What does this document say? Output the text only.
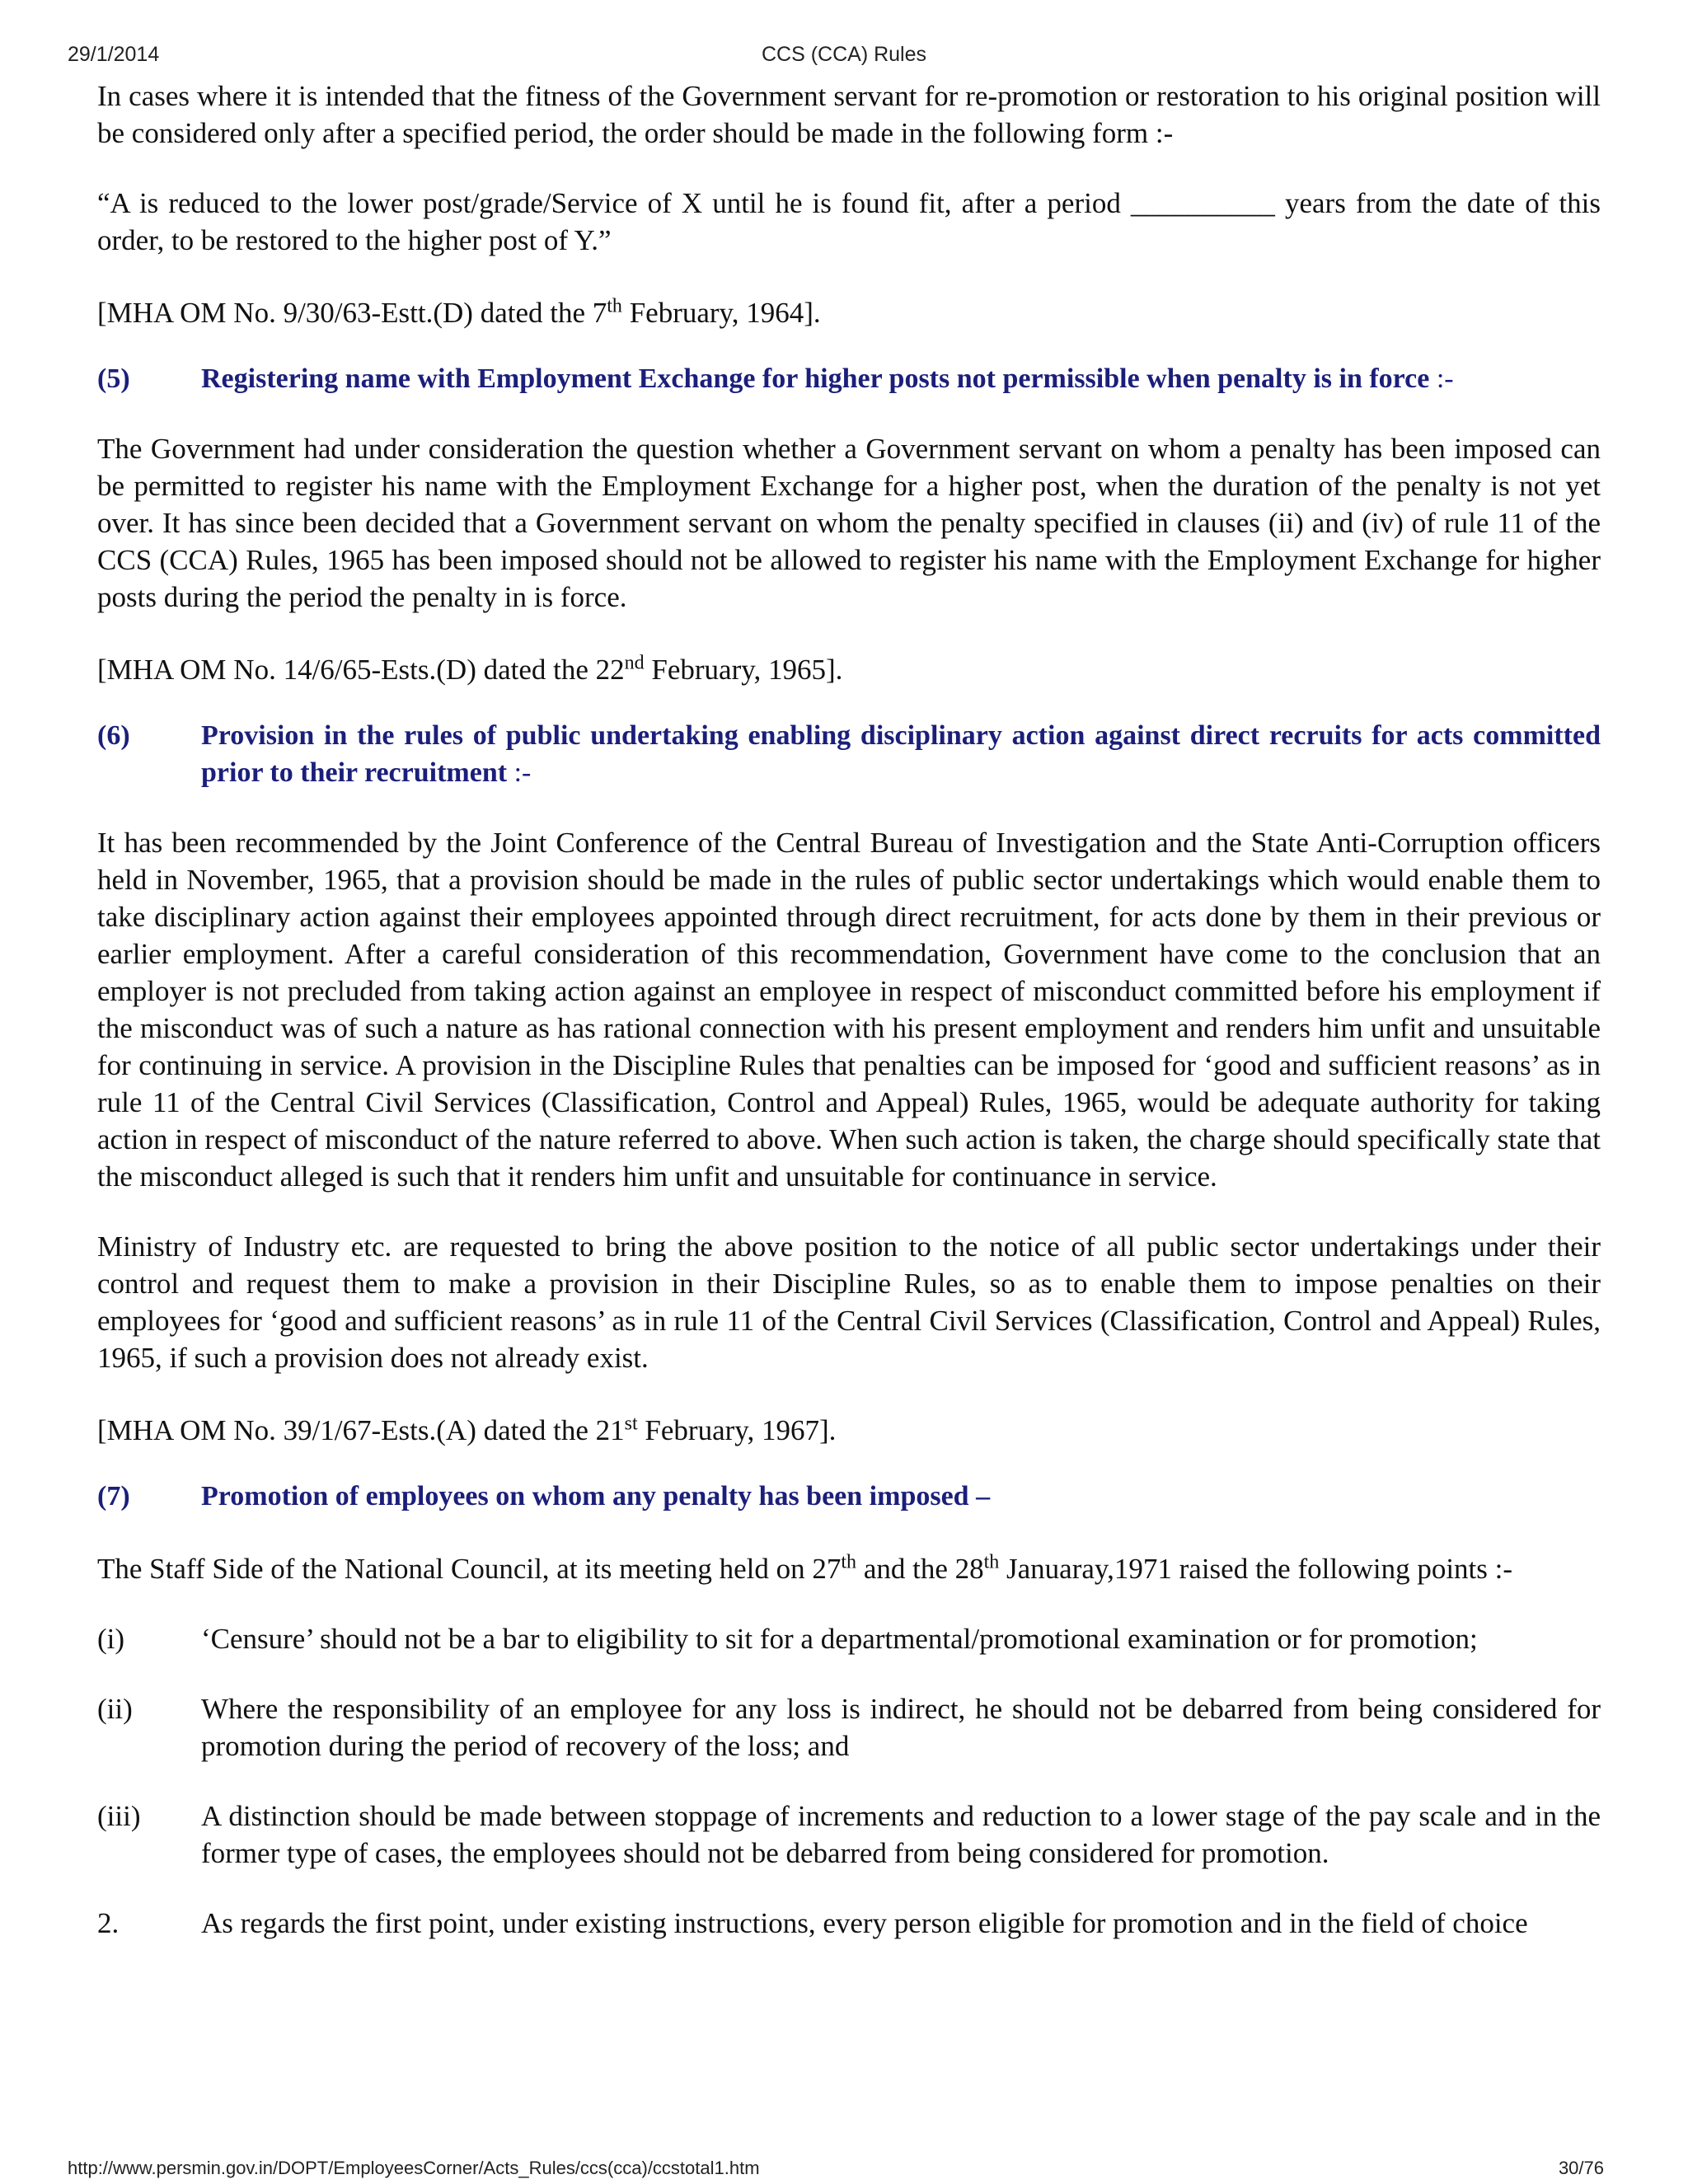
29/1/2014	CCS (CCA) Rules

In cases where it is intended that the fitness of the Government servant for re-promotion or restoration to his original position will be considered only after a specified period, the order should be made in the following form :-

“A is reduced to the lower post/grade/Service of X until he is found fit, after a period __________ years from the date of this order, to be restored to the higher post of Y.”

[MHA OM No. 9/30/63-Estt.(D) dated the 7th February, 1964].

(5)	Registering name with Employment Exchange for higher posts not permissible when penalty is in force :-

The Government had under consideration the question whether a Government servant on whom a penalty has been imposed can be permitted to register his name with the Employment Exchange for a higher post, when the duration of the penalty is not yet over. It has since been decided that a Government servant on whom the penalty specified in clauses (ii) and (iv) of rule 11 of the CCS (CCA) Rules, 1965 has been imposed should not be allowed to register his name with the Employment Exchange for higher posts during the period the penalty in is force.

[MHA OM No. 14/6/65-Ests.(D) dated the 22nd February, 1965].

(6)	Provision in the rules of public undertaking enabling disciplinary action against direct recruits for acts committed prior to their recruitment :-

It has been recommended by the Joint Conference of the Central Bureau of Investigation and the State Anti-Corruption officers held in November, 1965, that a provision should be made in the rules of public sector undertakings which would enable them to take disciplinary action against their employees appointed through direct recruitment, for acts done by them in their previous or earlier employment. After a careful consideration of this recommendation, Government have come to the conclusion that an employer is not precluded from taking action against an employee in respect of misconduct committed before his employment if the misconduct was of such a nature as has rational connection with his present employment and renders him unfit and unsuitable for continuing in service. A provision in the Discipline Rules that penalties can be imposed for ‘good and sufficient reasons’ as in rule 11 of the Central Civil Services (Classification, Control and Appeal) Rules, 1965, would be adequate authority for taking action in respect of misconduct of the nature referred to above. When such action is taken, the charge should specifically state that the misconduct alleged is such that it renders him unfit and unsuitable for continuance in service.

Ministry of Industry etc. are requested to bring the above position to the notice of all public sector undertakings under their control and request them to make a provision in their Discipline Rules, so as to enable them to impose penalties on their employees for ‘good and sufficient reasons’ as in rule 11 of the Central Civil Services (Classification, Control and Appeal) Rules, 1965, if such a provision does not already exist.

[MHA OM No. 39/1/67-Ests.(A) dated the 21st February, 1967].

(7)	Promotion of employees on whom any penalty has been imposed –

The Staff Side of the National Council, at its meeting held on 27th and the 28th Januaray,1971 raised the following points :-

(i)	‘Censure’ should not be a bar to eligibility to sit for a departmental/promotional examination or for promotion;
(ii) Where the responsibility of an employee for any loss is indirect, he should not be debarred from being considered for promotion during the period of recovery of the loss; and
(iii) A distinction should be made between stoppage of increments and reduction to a lower stage of the pay scale and in the former type of cases, the employees should not be debarred from being considered for promotion.
2.	As regards the first point, under existing instructions, every person eligible for promotion and in the field of choice
http://www.persmin.gov.in/DOPT/EmployeesCorner/Acts_Rules/ccs(cca)/ccstotal1.htm	30/76
